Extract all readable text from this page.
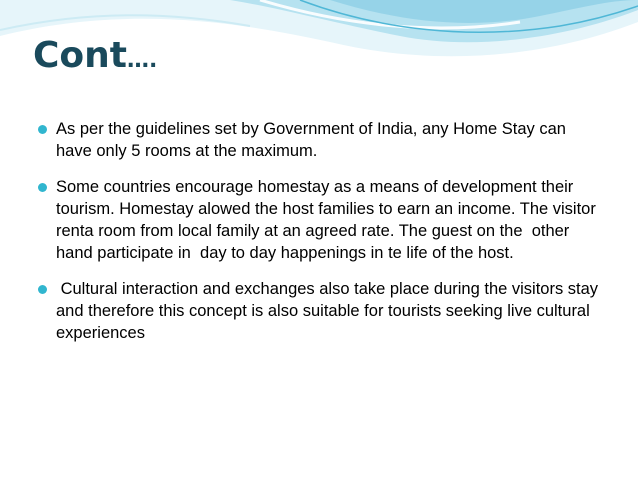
Cont….
As per the guidelines set by Government of India, any Home Stay can have only 5 rooms at the maximum.
Some countries encourage homestay as a means of development their tourism. Homestay alowed the host families to earn an income. The visitor renta room from local family at an agreed rate. The guest on the  other hand participate in  day to day happenings in te life of the host.
Cultural interaction and exchanges also take place during the visitors stay and therefore this concept is also suitable for tourists seeking live cultural experiences
